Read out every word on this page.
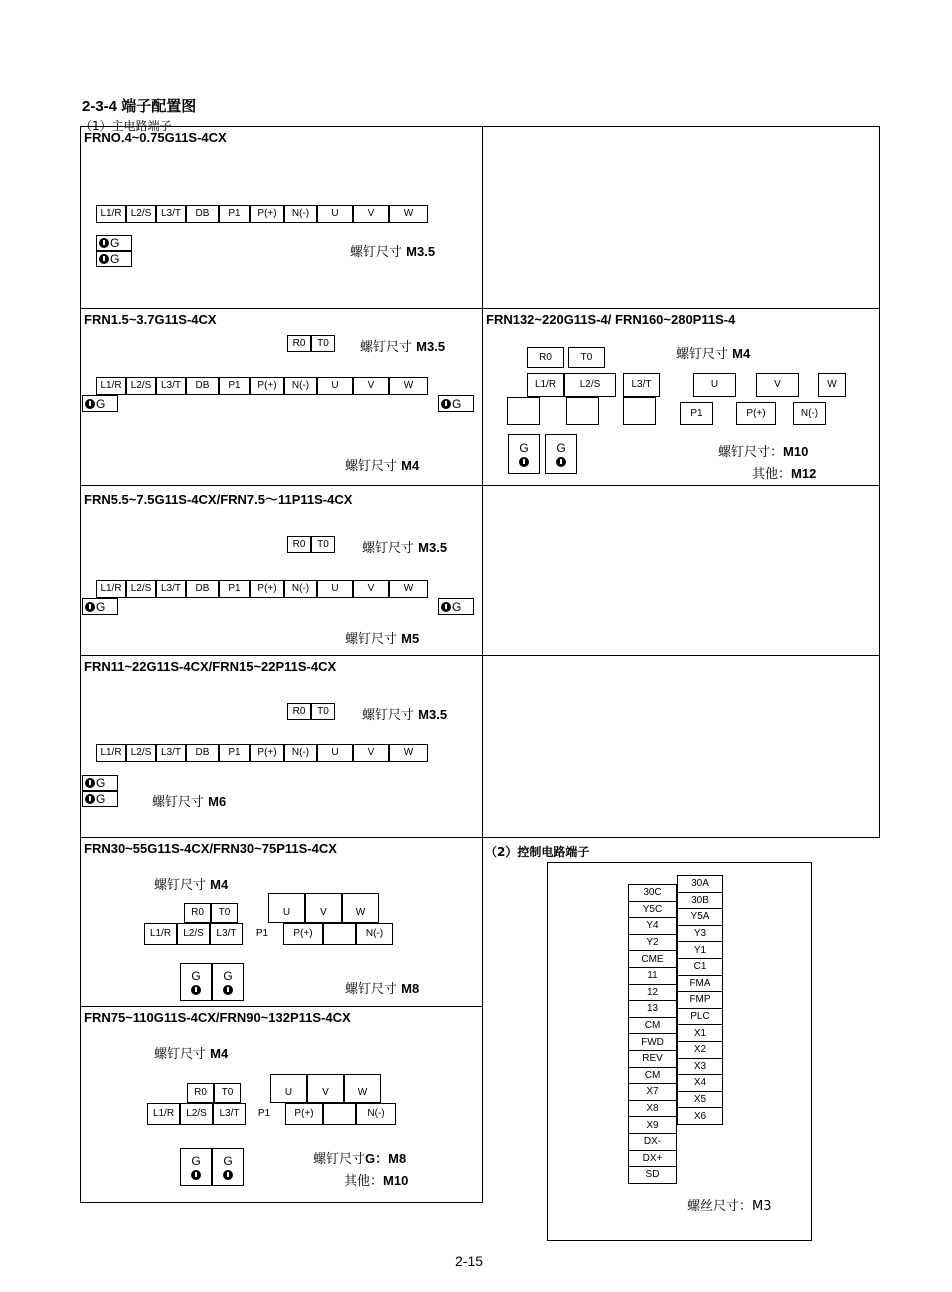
2-3-4 端子配置图
（1）主电路端子
FRNO.4~0.75G11S-4CX
L1/R L2/S L3/T	DB	P1	P(+)	N(-)	U	V	W
G
G	螺钉尺寸 M3.5
FRN1.5~3.7G11S-4CX
R0	T0	螺钉尺寸 M3.5
L1/R L2/S L3/T	DB	P1	P(+)	N(-)	U	V	W
G	G
螺钉尺寸 M4
FRN132~220G11S-4/ FRN160~280P11S-4
R0	T0	螺钉尺寸 M4
L1/R	L2/S	L3/T	U	V	W
P1	P(+)	N(-)
G G	螺钉尺寸：M10
其他：M12
FRN5.5~7.5G11S-4CX/FRN7.5～11P11S-4CX
R0	T0	螺钉尺寸 M3.5
L1/R L2/S L3/T	DB	P1	P(+)	N(-)	U	V	W
G	G
螺钉尺寸 M5
FRN11~22G11S-4CX/FRN15~22P11S-4CX
R0	T0	螺钉尺寸 M3.5
L1/R L2/S L3/T	DB	P1	P(+)	N(-)	U	V	W
G
G	螺钉尺寸 M6
FRN30~55G11S-4CX/FRN30~75P11S-4CX
螺钉尺寸 M4
R0	T0	U	V	W
L1/R	L2/S	L3/T	P1	P(+)	N(-)
G G
螺钉尺寸 M8
FRN75~110G11S-4CX/FRN90~132P11S-4CX
螺钉尺寸 M4
R0	T0	U	V	W
L1/R	L2/S	L3/T	P1	P(+)	N(-)
G G	螺钉尺寸G：M8
其他：M10
（2）控制电路端子
30C
Y5C
Y4
Y2
CME
11
12
13
CM
FWD
REV
CM
X7
X8
X9
DX-
DX+
SD
30A
30B
Y5A
Y3
Y1
C1
FMA
FMP
PLC
X1
X2
X3
X4
X5
X6
螺丝尺寸：M3
2-15
